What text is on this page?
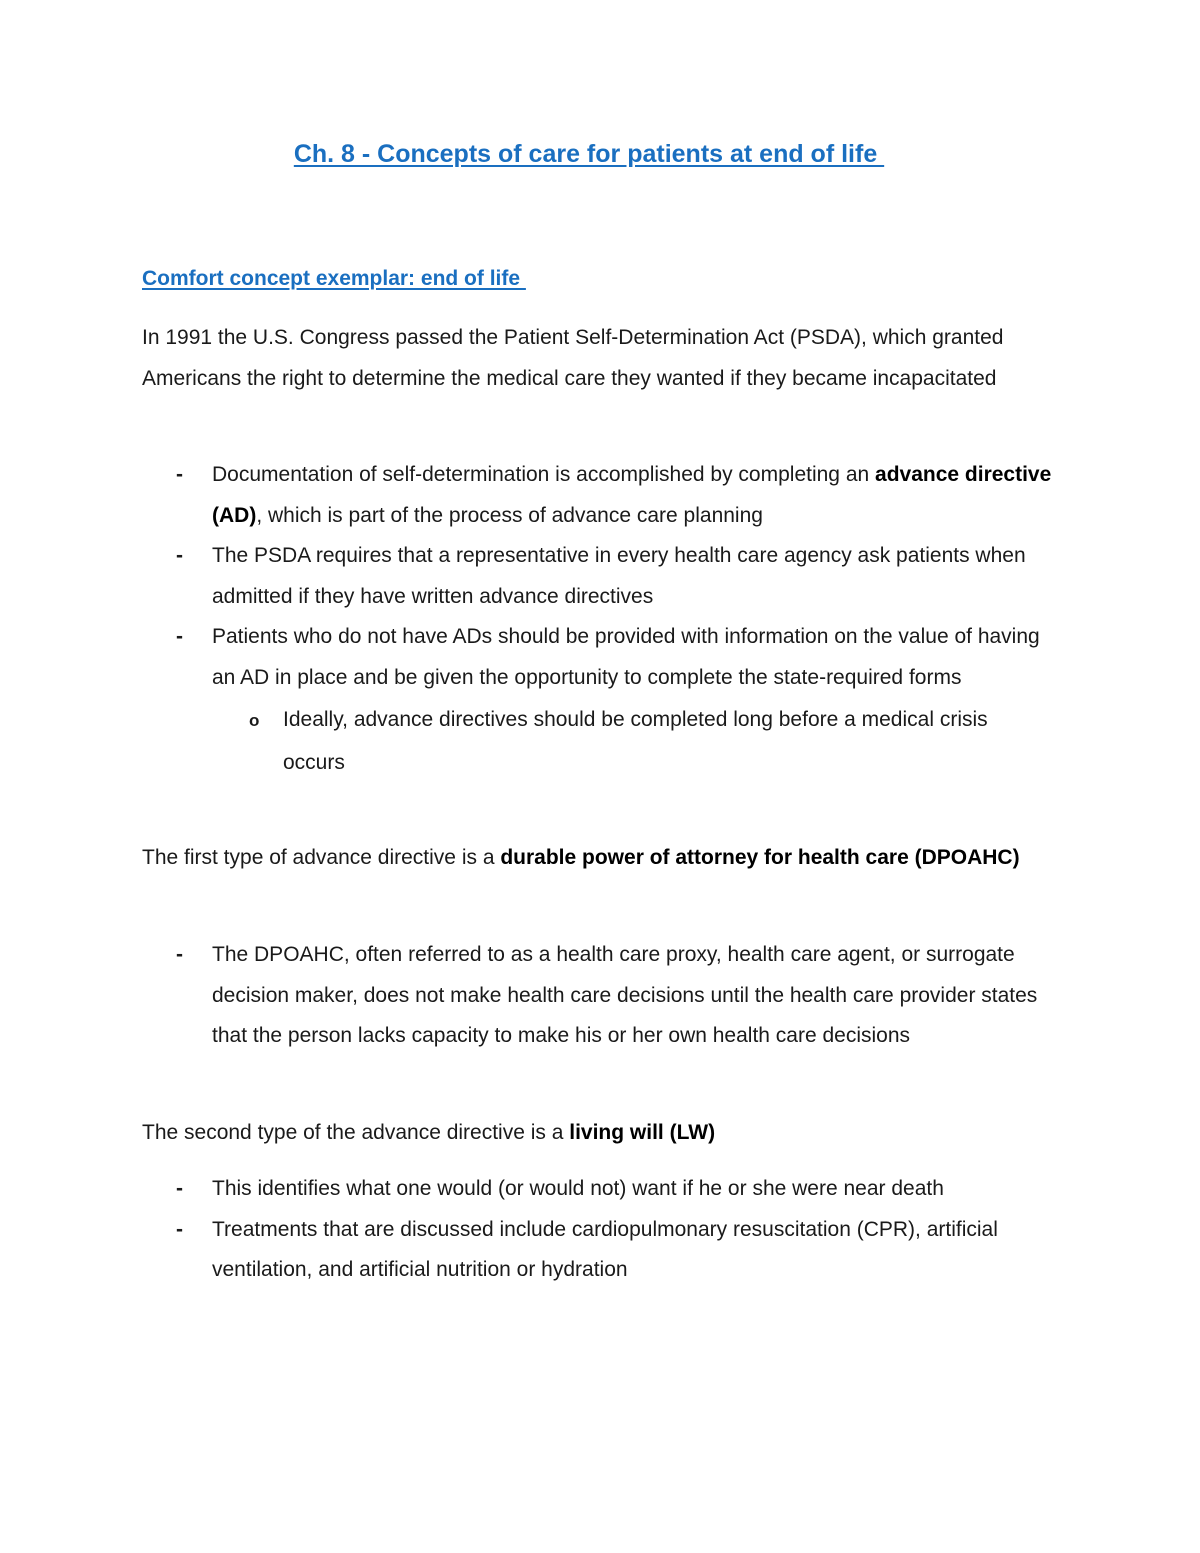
Ch. 8 - Concepts of care for patients at end of life
Comfort concept exemplar: end of life

In 1991 the U.S. Congress passed the Patient Self-Determination Act (PSDA), which granted Americans the right to determine the medical care they wanted if they became incapacitated

- Documentation of self-determination is accomplished by completing an advance directive (AD), which is part of the process of advance care planning
- The PSDA requires that a representative in every health care agency ask patients when admitted if they have written advance directives
- Patients who do not have ADs should be provided with information on the value of having an AD in place and be given the opportunity to complete the state-required forms
o Ideally, advance directives should be completed long before a medical crisis occurs

The first type of advance directive is a durable power of attorney for health care (DPOAHC)

- The DPOAHC, often referred to as a health care proxy, health care agent, or surrogate decision maker, does not make health care decisions until the health care provider states that the person lacks capacity to make his or her own health care decisions

The second type of the advance directive is a living will (LW)

- This identifies what one would (or would not) want if he or she were near death
- Treatments that are discussed include cardiopulmonary resuscitation (CPR), artificial ventilation, and artificial nutrition or hydration
